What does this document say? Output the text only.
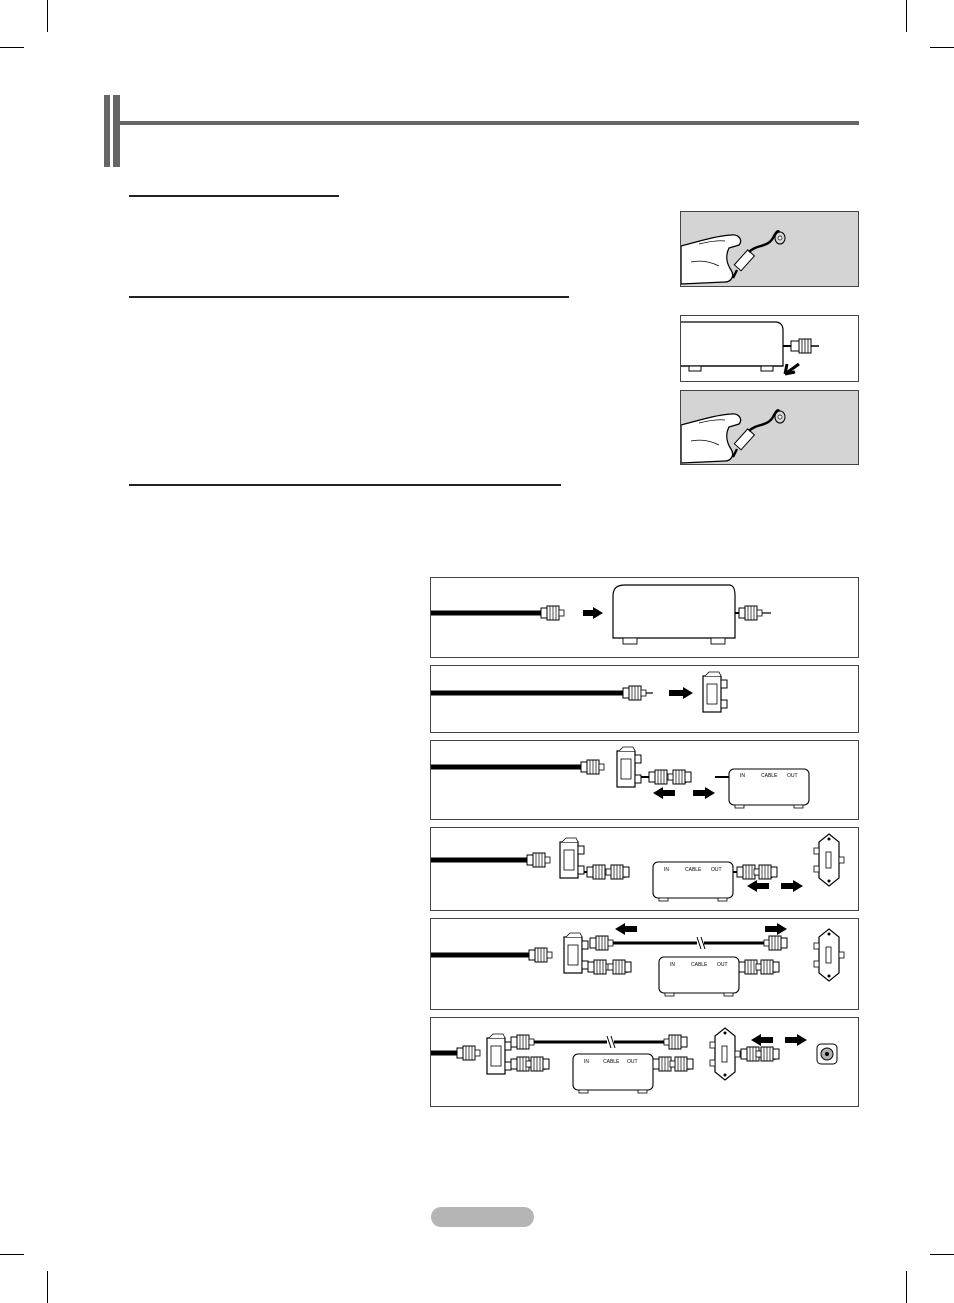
IN	CABLE OUT
IN	CABLE OUT
IN	CABLE OUT
IN	CABLE OUT
